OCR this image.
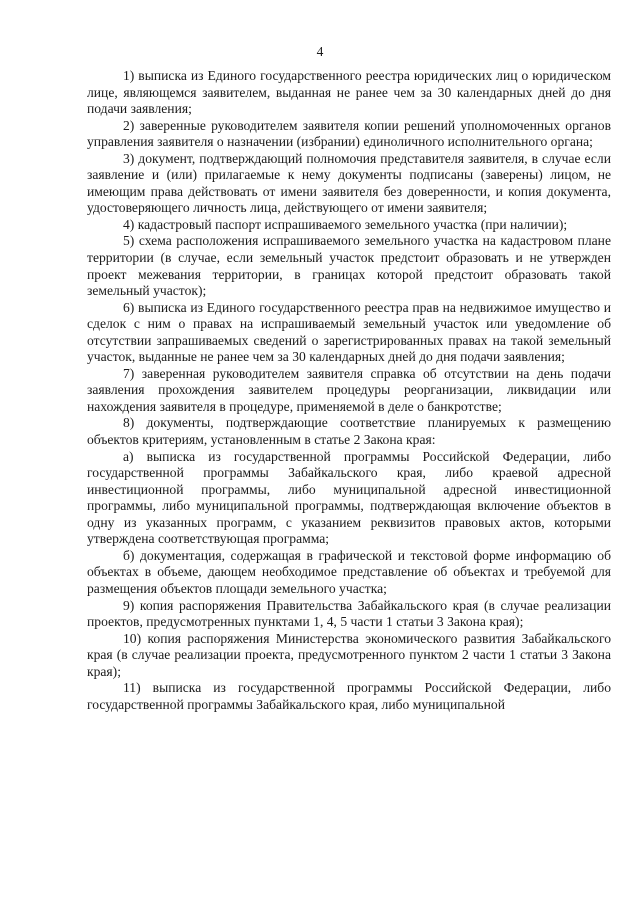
4

1) выписка из Единого государственного реестра юридических лиц о юридическом лице, являющемся заявителем, выданная не ранее чем за 30 календарных дней до дня подачи заявления;

2) заверенные руководителем заявителя копии решений уполномоченных органов управления заявителя о назначении (избрании) единоличного исполнительного органа;

3) документ, подтверждающий полномочия представителя заявителя, в случае если заявление и (или) прилагаемые к нему документы подписаны (заверены) лицом, не имеющим права действовать от имени заявителя без доверенности, и копия документа, удостоверяющего личность лица, действующего от имени заявителя;

4) кадастровый паспорт испрашиваемого земельного участка (при наличии);

5) схема расположения испрашиваемого земельного участка на кадастровом плане территории (в случае, если земельный участок предстоит образовать и не утвержден проект межевания территории, в границах которой предстоит образовать такой земельный участок);

6) выписка из Единого государственного реестра прав на недвижимое имущество и сделок с ним о правах на испрашиваемый земельный участок или уведомление об отсутствии запрашиваемых сведений о зарегистрированных правах на такой земельный участок, выданные не ранее чем за 30 календарных дней до дня подачи заявления;

7) заверенная руководителем заявителя справка об отсутствии на день подачи заявления прохождения заявителем процедуры реорганизации, ликвидации или нахождения заявителя в процедуре, применяемой в деле о банкротстве;

8) документы, подтверждающие соответствие планируемых к размещению объектов критериям, установленным в статье 2 Закона края:

а) выписка из государственной программы Российской Федерации, либо государственной программы Забайкальского края, либо краевой адресной инвестиционной программы, либо муниципальной адресной инвестиционной программы, либо муниципальной программы, подтверждающая включение объектов в одну из указанных программ, с указанием реквизитов правовых актов, которыми утверждена соответствующая программа;

б) документация, содержащая в графической и текстовой форме информацию об объектах в объеме, дающем необходимое представление об объектах и требуемой для размещения объектов площади земельного участка;

9) копия распоряжения Правительства Забайкальского края (в случае реализации проектов, предусмотренных пунктами 1, 4, 5 части 1 статьи 3 Закона края);

10) копия распоряжения Министерства экономического развития Забайкальского края (в случае реализации проекта, предусмотренного пунктом 2 части 1 статьи 3 Закона края);

11) выписка из государственной программы Российской Федерации, либо государственной программы Забайкальского края, либо муниципальной
